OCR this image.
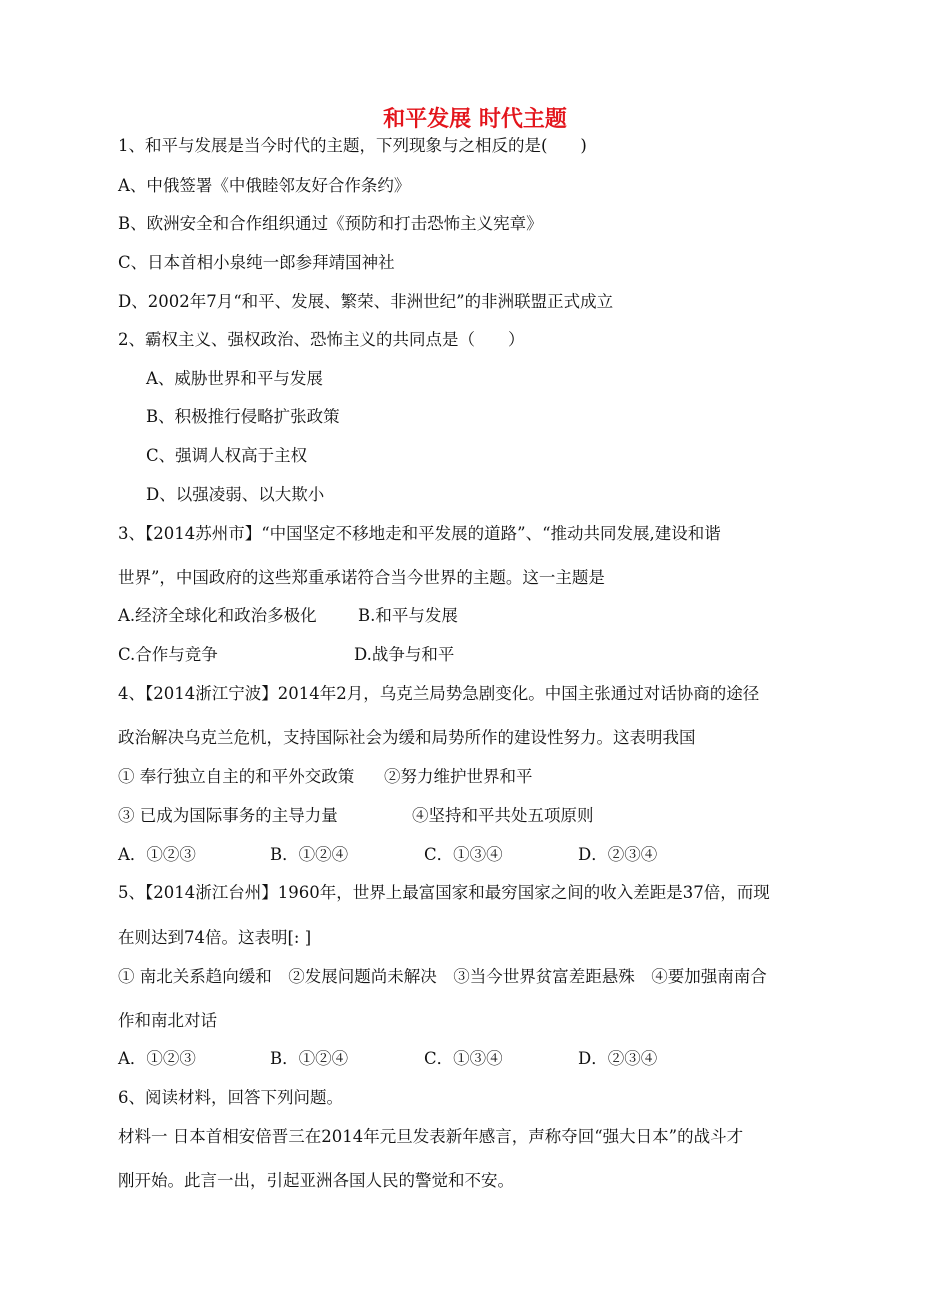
和平发展 时代主题
1、和平与发展是当今时代的主题，下列现象与之相反的是(　　)
A、中俄签署《中俄睦邻友好合作条约》
B、欧洲安全和合作组织通过《预防和打击恐怖主义宪章》
C、日本首相小泉纯一郎参拜靖国神社
D、2002年7月“和平、发展、繁荣、非洲世纪”的非洲联盟正式成立
2、霸权主义、强权政治、恐怖主义的共同点是（　　）
A、威胁世界和平与发展
B、积极推行侵略扩张政策
C、强调人权高于主权
D、以强凌弱、以大欺小
3、【2014苏州市】“中国坚定不移地走和平发展的道路”、“推动共同发展,建设和谐
世界”，中国政府的这些郑重承诺符合当今世界的主题。这一主题是
A.经济全球化和政治多极化	B.和平与发展
C.合作与竞争	D.战争与和平
4、【2014浙江宁波】2014年2月，乌克兰局势急剧变化。中国主张通过对话协商的途径
政治解决乌克兰危机，支持国际社会为缓和局势所作的建设性努力。这表明我国
① 奉行独立自主的和平外交政策 ②努力维护世界和平
③ 已成为国际事务的主导力量	④坚持和平共处五项原则
A．①②③	B．①②④	C．①③④	D．②③④
5、【2014浙江台州】1960年，世界上最富国家和最穷国家之间的收入差距是37倍，而现
在则达到74倍。这表明[: ]
① 南北关系趋向缓和　②发展问题尚未解决　③当今世界贫富差距悬殊　④要加强南南合
作和南北对话
A．①②③	B．①②④	C．①③④	D．②③④
6、阅读材料，回答下列问题。
材料一 日本首相安倍晋三在2014年元旦发表新年感言，声称夺回“强大日本”的战斗才
刚开始。此言一出，引起亚洲各国人民的警觉和不安。
